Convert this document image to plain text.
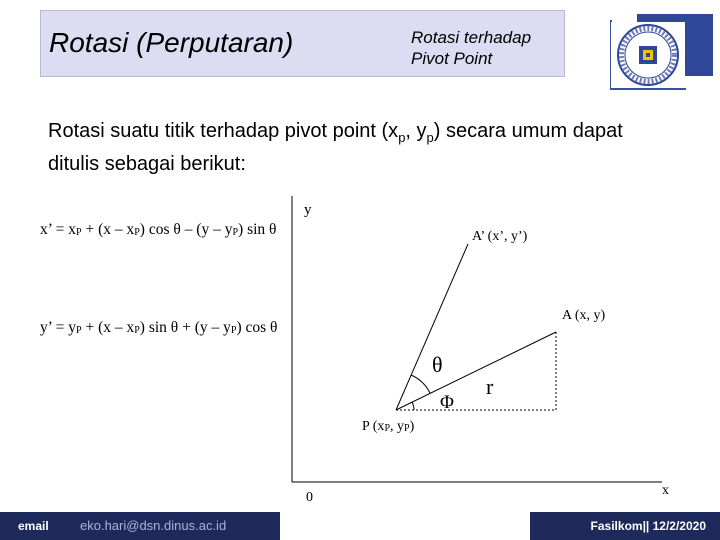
Rotasi (Perputaran)	Rotasi terhadap
Pivot Point
Rotasi suatu titik terhadap pivot point ($x_p$, $y_p$) secara umum dapat ditulis sebagai berikut:
x’ = $x_P + (x - x_P)$ cos θ – $(y - y_P)$ sin θ
y’ = $y_P + (x - x_P)$ $\sin \theta + (y - y_P)$ cos θ
y
x
0
A’ (x’, y’)
A (x, y)
θ
Φ
r
P ($x_P$, $y_P$)
email eko.hari@dsn.dinus.ac.id	Fasilkom|| 12/2/2020
